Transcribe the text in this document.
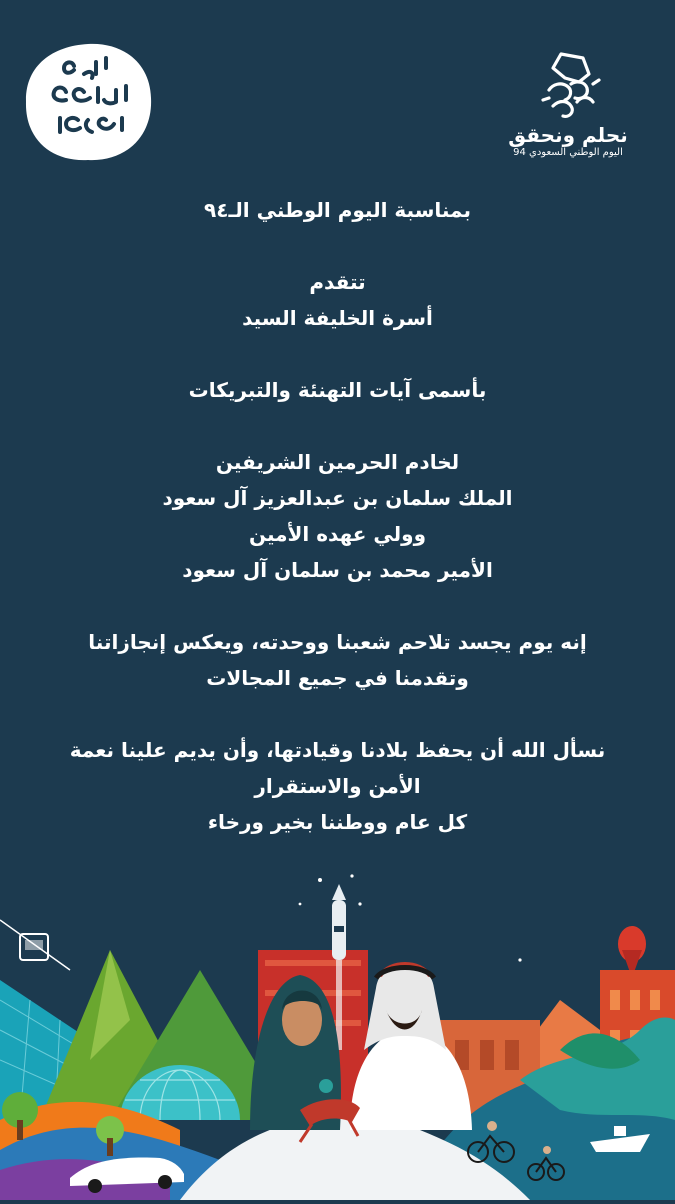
نحلم ونحقق
اليوم الوطني السعودي 94
بمناسبة اليوم الوطني الـ٩٤
تتقدم
أسرة الخليفة السيد
بأسمى آيات التهنئة والتبريكات
لخادم الحرمين الشريفين
الملك سلمان بن عبدالعزيز آل سعود
وولي عهده الأمين
الأمير محمد بن سلمان آل سعود
إنه يوم يجسد تلاحم شعبنا ووحدته، ويعكس إنجازاتنا
وتقدمنا في جميع المجالات
نسأل الله أن يحفظ بلادنا وقيادتها، وأن يديم علينا نعمة
الأمن والاستقرار
كل عام ووطننا بخير ورخاء
